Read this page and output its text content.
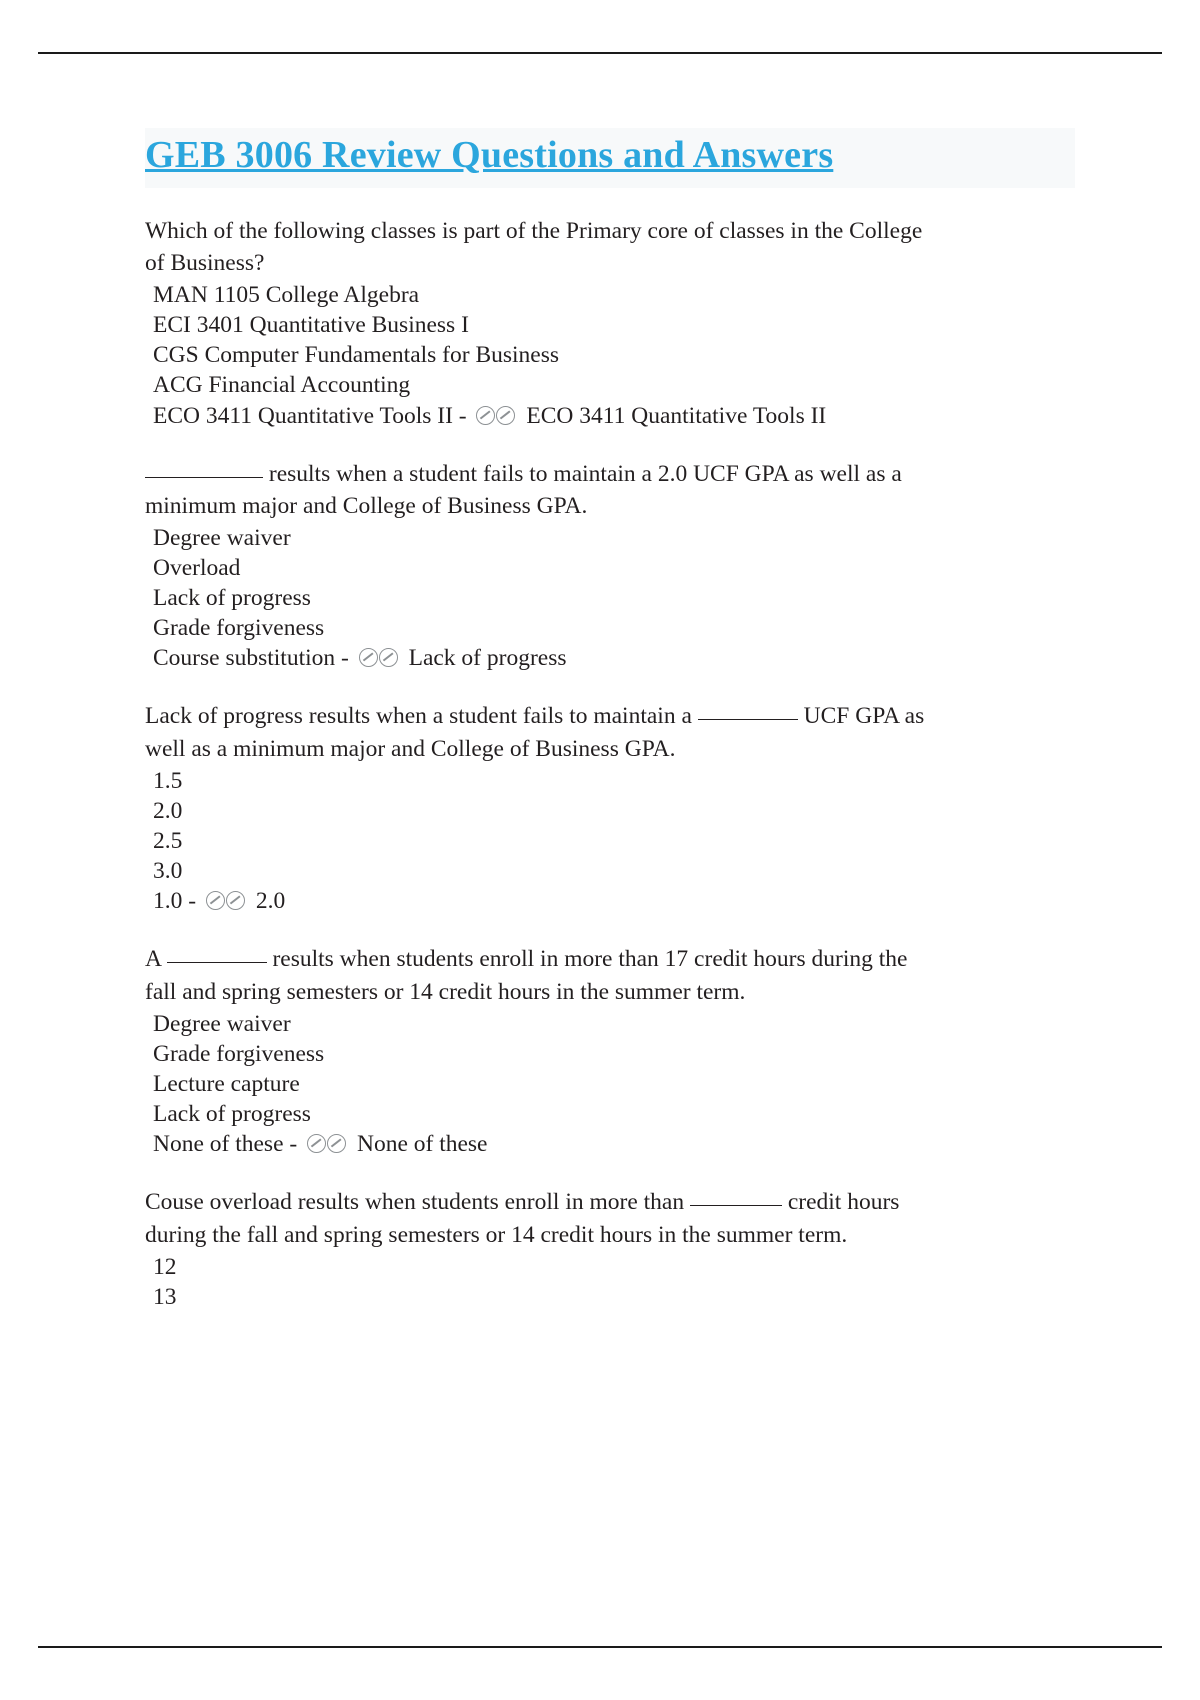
GEB 3006 Review Questions and Answers

Which of the following classes is part of the Primary core of classes in the College

of Business?

MAN 1105 College Algebra
ECI 3401 Quantitative Business I
CGS Computer Fundamentals for Business
ACG Financial Accounting
ECO 3411 Quantitative Tools II -	ECO 3411 Quantitative Tools II

results when a student fails to maintain a 2.0 UCF GPA as well as a

minimum major and College of Business GPA.

Degree waiver
Overload
Lack of progress
Grade forgiveness
Course substitution -	Lack of progress

Lack of progress results when a student fails to maintain a	UCF GPA as

well as a minimum major and College of Business GPA.

1.5
2.0
2.5
3.0
1.0 -	2.0

A	results when students enroll in more than 17 credit hours during the

fall and spring semesters or 14 credit hours in the summer term.

Degree waiver
Grade forgiveness
Lecture capture
Lack of progress
None of these -	None of these

Couse overload results when students enroll in more than	credit hours

during the fall and spring semesters or 14 credit hours in the summer term.

12
13
